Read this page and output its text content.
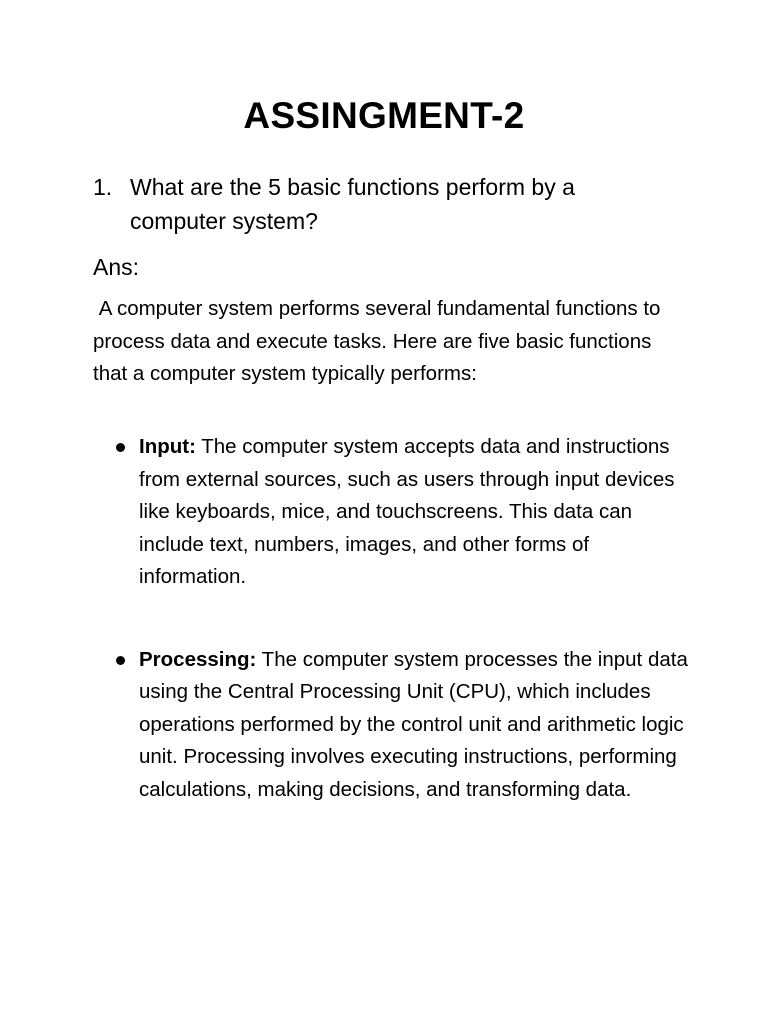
ASSINGMENT-2
1. What are the 5 basic functions perform by a
computer system?
Ans:
A computer system performs several fundamental functions to process data and execute tasks. Here are five basic functions that a computer system typically performs:
Input: The computer system accepts data and instructions from external sources, such as users through input devices like keyboards, mice, and touchscreens. This data can include text, numbers, images, and other forms of information.
Processing: The computer system processes the input data using the Central Processing Unit (CPU), which includes operations performed by the control unit and arithmetic logic unit. Processing involves executing instructions, performing calculations, making decisions, and transforming data.
